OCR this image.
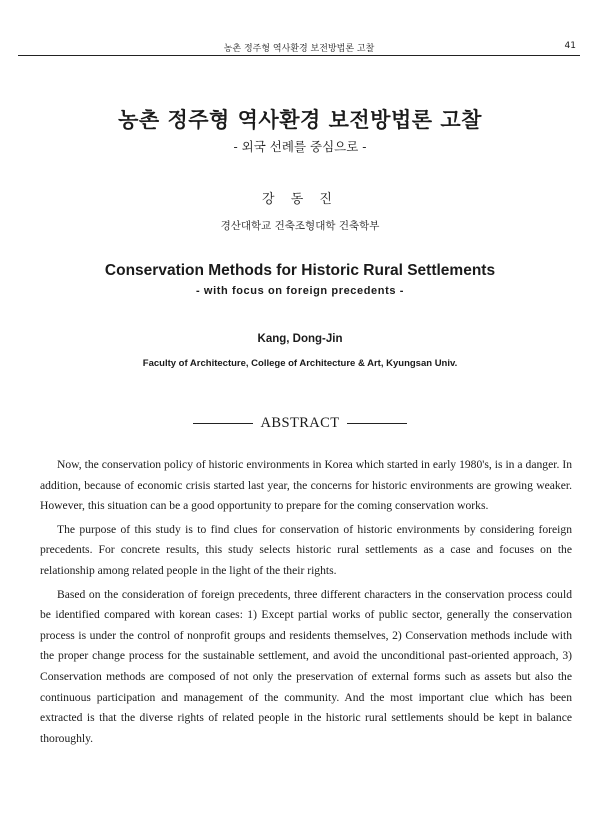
농촌 정주형 역사환경 보전방법론 고찰	41
농촌 정주형 역사환경 보전방법론 고찰
- 외국 선례를 중심으로 -
강 동 진
경산대학교 건축조형대학 건축학부
Conservation Methods for Historic Rural Settlements
- with focus on foreign precedents -
Kang, Dong-Jin
Faculty of Architecture, College of Architecture & Art, Kyungsan Univ.
ABSTRACT

Now, the conservation policy of historic environments in Korea which started in early 1980's, is in a danger. In addition, because of economic crisis started last year, the concerns for historic environments are growing weaker. However, this situation can be a good opportunity to prepare for the coming conservation works.

The purpose of this study is to find clues for conservation of historic environments by considering foreign precedents. For concrete results, this study selects historic rural settlements as a case and focuses on the relationship among related people in the light of the their rights.

Based on the consideration of foreign precedents, three different characters in the conservation process could be identified compared with korean cases: 1) Except partial works of public sector, generally the conservation process is under the control of nonprofit groups and residents themselves, 2) Conservation methods include with the proper change process for the sustainable settlement, and avoid the unconditional past-oriented approach, 3) Conservation methods are composed of not only the preservation of external forms such as assets but also the continuous participation and management of the community. And the most important clue which has been extracted is that the diverse rights of related people in the historic rural settlements should be kept in balance thoroughly.
